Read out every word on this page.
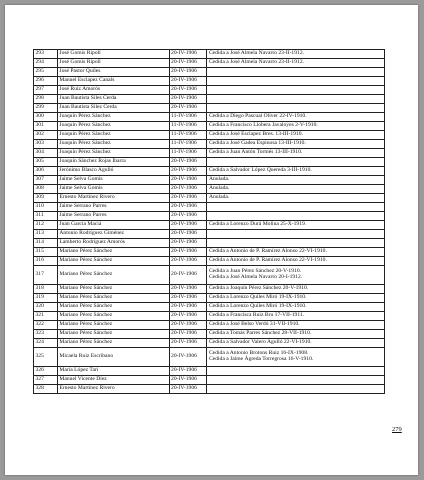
293	José Gomis Ripoll	20-IV-1906	Cedida a José Almela Navarro 23-II-1912.

294	José Gomis Ripoll	20-IV-1906	Cedida a José Almela Navarro 23-II-1912.

295	José Pastor Quiles	20-IV-1906	

296	Manuel Esclapez Canals	20-IV-1906	

297	José Ruiz Amorós	20-IV-1906	

298	Juan Bautista Siles Cerda	20-IV-1906	

299	Juan Bautista Silez Cerda	20-IV-1906	

300	Joaquín Pérez Sánchez	11-IV-1906	Cedida a Diego Pascual Oliver 22-IV-1910.

301	Joaquín Pérez Sánchez	11-IV-1906	Cedida a Francisco Llobera Javaloyes 2-V-1910.

302	Joaquín Pérez Sánchez	11-IV-1906	Cedida a José Esclapez Bres. 13-III-1910.

303	Joaquín Pérez Sánchez	11-IV-1906	Cedida a José Gadea Espinosa 13-III-1910.

304	Joaquín Pérez Sánchez	11-IV-1906	Cedida a Juan Antón Tormés 13-III-1910.

305	Joaquín Sánchez Rojas Ibarra	20-IV-1906	

306	Jerónimo Blasco Agulló	20-IV-1906	Cedida a Salvador López Quereda 3-III-1910.

307	Jaime Selva Gomis	20-IV-1906	Anulada.

308	Jaime Selva Gomis	20-IV-1906	Anulada.

309	Ernesto Martínez Rivero	20-IV-1906	Anulada.

310	Jaime Serrano Parres	20-IV-1906	

311	Jaime Serrano Parres	20-IV-1906	

312	Juan García Maciá	20-IV-1906	Cedida a Lorenzo Durá Molina 25-X-1919.

313	Antonio Rodríguez Giménez	20-IV-1906	

314	Lamberto Rodríguez Amorós	20-IV-1906	

315	Mariano Pérez Sánchez	20-IV-1906	Cedida a Antonio de P. Ramírez Alonso 22-VI-1910.

316	Mariano Pérez Sánchez	20-IV-1906	Cedida a Antonio de P. Ramírez Alonso 22-VI-1910.

317	Mariano Pérez Sánchez	20-IV-1906	Cedida a Juan Pérez Sánchez 20-V-1910.
Cedida a José Almela Navarro 20-I-1912.

318	Mariano Pérez Sánchez	20-IV-1906	Cedida a Joaquín Pérez Sánchez 20-V-1910.

319	Mariano Pérez Sánchez	20-IV-1906	Cedida a Lorenzo Quiles Miró 19-IX-1910.

320	Mariano Pérez Sánchez	20-IV-1906	Cedida a Lorenzo Quiles Miró 19-IX-1910.

321	Mariano Pérez Sánchez	20-IV-1906	Cedida a Francisca Ruiz Bru 17-VII-1911.

322	Mariano Pérez Sánchez	20-IV-1906	Cedida a José Belso Verdú 31-VII-1910.

323	Mariano Pérez Sánchez	20-IV-1906	Cedida a Tomás Parres Sánchez 28-VII-1910.

324	Mariano Pérez Sánchez	20-IV-1906	Cedida a Salvador Valero Agulló 22-VI-1910.

325	Micaela Ruiz Escribano	20-IV-1906	Cedida a Antonio Brotons Ruiz 16-IX-1908.
Cedida a Jaime Ágreda Torregrosa 16-V-1910.

326	María López Tari	20-IV-1906	

327	Manuel Vicente Díez	20-IV-1906	

328	Ernesto Martínez Rivero	20-IV-1906	
279
